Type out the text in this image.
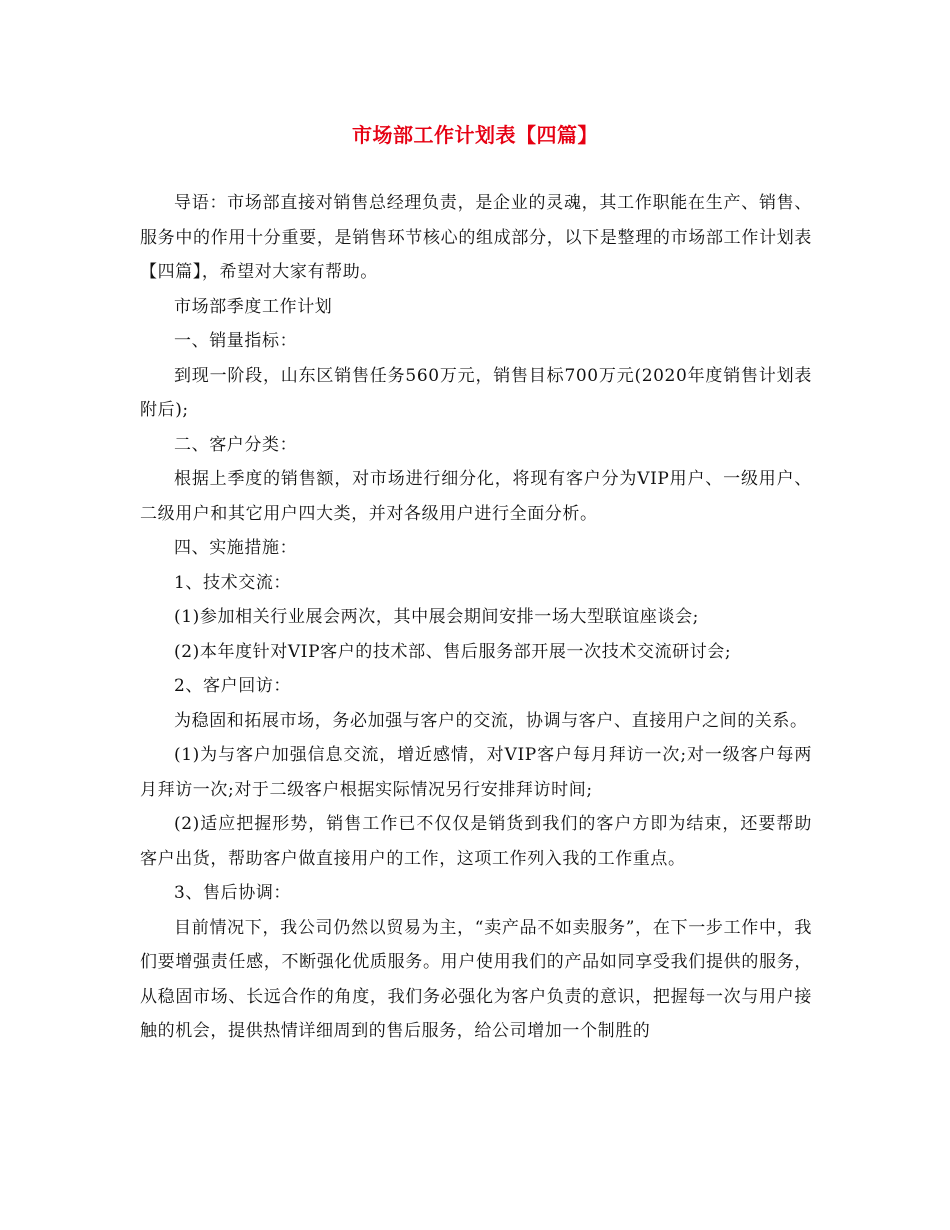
市场部工作计划表【四篇】

导语：市场部直接对销售总经理负责，是企业的灵魂，其工作职能在生产、销售、服务中的作用十分重要，是销售环节核心的组成部分，以下是整理的市场部工作计划表【四篇】，希望对大家有帮助。

市场部季度工作计划

一、销量指标：

到现一阶段，山东区销售任务560万元，销售目标700万元(2020年度销售计划表附后);

二、客户分类：

根据上季度的销售额，对市场进行细分化，将现有客户分为VIP用户、一级用户、二级用户和其它用户四大类，并对各级用户进行全面分析。

四、实施措施：

1、技术交流：

(1)参加相关行业展会两次，其中展会期间安排一场大型联谊座谈会;

(2)本年度针对VIP客户的技术部、售后服务部开展一次技术交流研讨会;

2、客户回访：

为稳固和拓展市场，务必加强与客户的交流，协调与客户、直接用户之间的关系。

(1)为与客户加强信息交流，增近感情，对VIP客户每月拜访一次;对一级客户每两月拜访一次;对于二级客户根据实际情况另行安排拜访时间;

(2)适应把握形势，销售工作已不仅仅是销货到我们的客户方即为结束，还要帮助客户出货，帮助客户做直接用户的工作，这项工作列入我的工作重点。

3、售后协调：

目前情况下，我公司仍然以贸易为主，“卖产品不如卖服务”，在下一步工作中，我们要增强责任感，不断强化优质服务。用户使用我们的产品如同享受我们提供的服务，从稳固市场、长远合作的角度，我们务必强化为客户负责的意识，把握每一次与用户接触的机会，提供热情详细周到的售后服务，给公司增加一个制胜的
